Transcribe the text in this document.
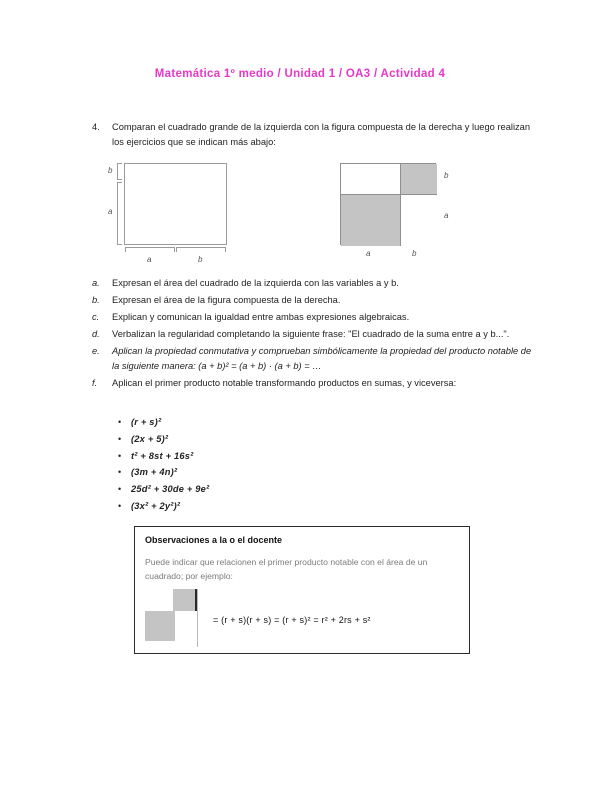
Matemática 1º medio / Unidad 1 / OA3 / Actividad 4
4.	Comparan el cuadrado grande de la izquierda con la figura compuesta de la derecha y luego realizan los ejercicios que se indican más abajo:
b
a
a	b
b
a
a	b
a.	Expresan el área del cuadrado de la izquierda con las variables a y b.
b.	Expresan el área de la figura compuesta de la derecha.
c.	Explican y comunican la igualdad entre ambas expresiones algebraicas.
d.	Verbalizan la regularidad completando la siguiente frase: "El cuadrado de la suma entre a y b...".
e.	Aplican la propiedad conmutativa y comprueban simbólicamente la propiedad del producto notable de la siguiente manera: (a + b)² = (a + b) · (a + b) = …
f.	Aplican el primer producto notable transformando productos en sumas, y viceversa:
•	(r + s)²
•	(2x + 5)²
•	t² + 8st + 16s²
•	(3m + 4n)²
•	25d² + 30de + 9e²
•	(3x² + 2y²)²
Observaciones a la o el docente
Puede indicar que relacionen el primer producto notable con el área de un cuadrado; por ejemplo:
= (r + s)(r + s) = (r + s)² = r² + 2rs + s²
